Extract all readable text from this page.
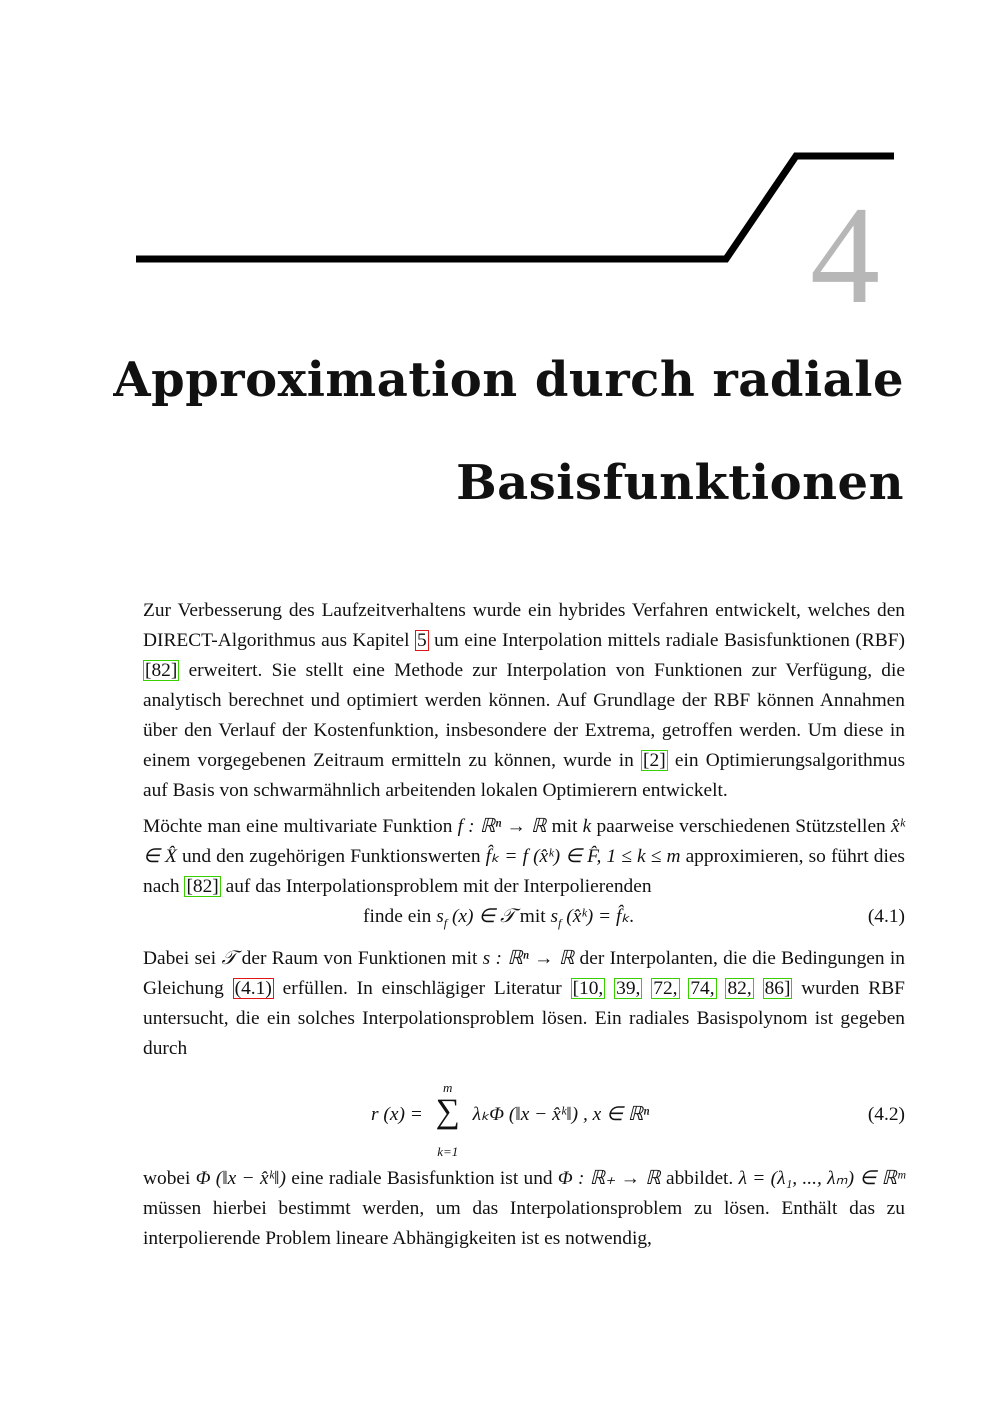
4
Approximation durch radiale
Basisfunktionen

Zur Verbesserung des Laufzeitverhaltens wurde ein hybrides Verfahren entwickelt, welches den DIRECT-Algorithmus aus Kapitel 5 um eine Interpolation mittels radiale Basisfunktionen (RBF) [82] erweitert. Sie stellt eine Methode zur Interpolation von Funktionen zur Verfügung, die analytisch berechnet und optimiert werden können. Auf Grundlage der RBF können Annahmen über den Verlauf der Kostenfunktion, insbesondere der Extrema, getroffen werden. Um diese in einem vorgegebenen Zeitraum ermitteln zu können, wurde in [2] ein Optimierungsalgorithmus auf Basis von schwarmähnlich arbeitenden lokalen Optimierern entwickelt.

Möchte man eine multivariate Funktion f : ℝⁿ → ℝ mit k paarweise verschiedenen Stützstellen x̂ᵏ ∈ X̂ und den zugehörigen Funktionswerten f̂ₖ = f (x̂ᵏ) ∈ F̂, 1 ≤ k ≤ m approximieren, so führt dies nach [82] auf das Interpolationsproblem mit der Interpolierenden

finde ein $s_f$ (x) ∈ 𝒯 mit $s_f$ (x̂ᵏ) = f̂ₖ.	(4.1)

Dabei sei 𝒯 der Raum von Funktionen mit s : ℝⁿ → ℝ der Interpolanten, die die Bedingungen in Gleichung (4.1) erfüllen. In einschlägiger Literatur [10, 39, 72, 74, 82, 86] wurden RBF untersucht, die ein solches Interpolationsproblem lösen. Ein radiales Basispolynom ist gegeben durch

r (x) =
m
∑
k=1
λₖΦ (‖x − x̂ᵏ‖) , x ∈ ℝⁿ	(4.2)

wobei Φ (‖x − x̂ᵏ‖) eine radiale Basisfunktion ist und Φ : ℝ₊ → ℝ abbildet. λ = (λ₁, ..., λₘ) ∈ ℝᵐ müssen hierbei bestimmt werden, um das Interpolationsproblem zu lösen. Enthält das zu interpolierende Problem lineare Abhängigkeiten ist es notwendig,
